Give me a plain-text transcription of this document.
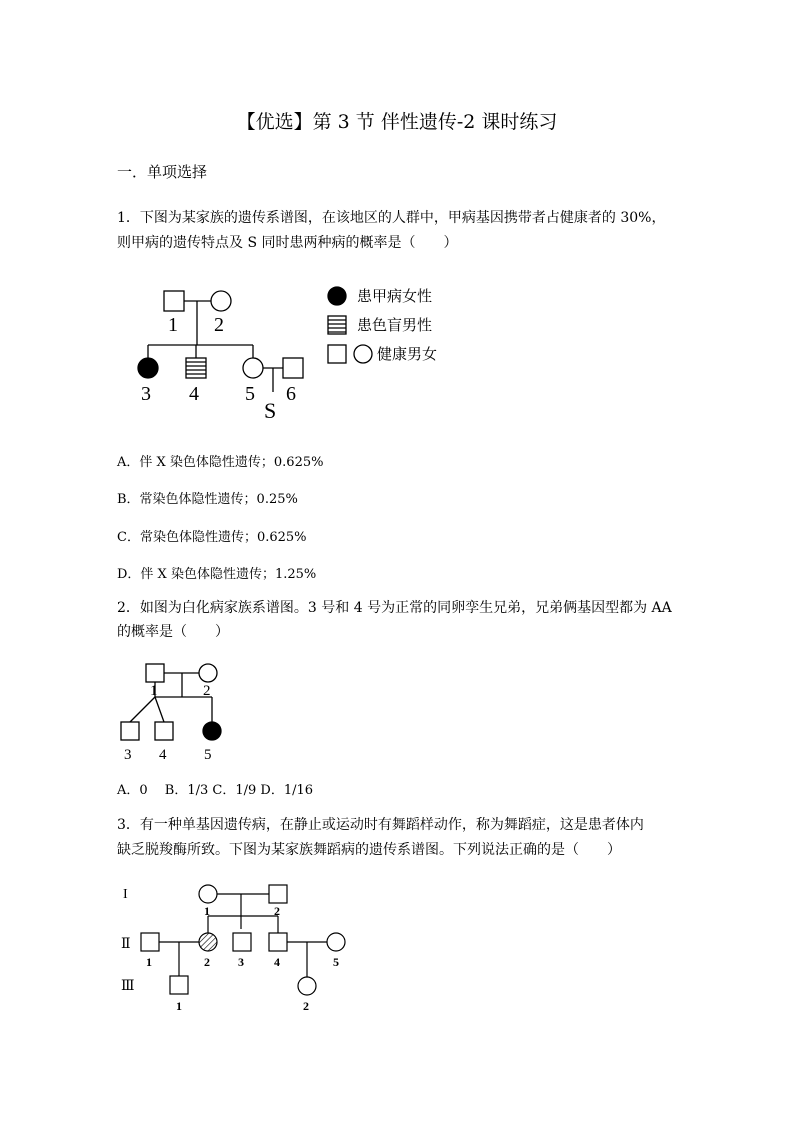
【优选】第 3 节 伴性遗传-2 课时练习
一．单项选择
1．下图为某家族的遗传系谱图，在该地区的人群中，甲病基因携带者占健康者的 30%，
则甲病的遗传特点及 S 同时患两种病的概率是（　　）
1 2
3 4 5 6
S
患甲病女性
患色盲男性
健康男女
A．伴 X 染色体隐性遗传；0.625%
B．常染色体隐性遗传；0.25%
C．常染色体隐性遗传；0.625%
D．伴 X 染色体隐性遗传；1.25%
2．如图为白化病家族系谱图。3 号和 4 号为正常的同卵孪生兄弟，兄弟俩基因型都为 AA
的概率是（　　）
1	2
3 4	5
A．0　 B．1/3 C．1/9 D．1/16
3．有一种单基因遗传病，在静止或运动时有舞蹈样动作，称为舞蹈症，这是患者体内
缺乏脱羧酶所致。下图为某家族舞蹈病的遗传系谱图。下列说法正确的是（　　）
I
Ⅱ
Ⅲ
1	2
1	2 3	4	5
1	2
